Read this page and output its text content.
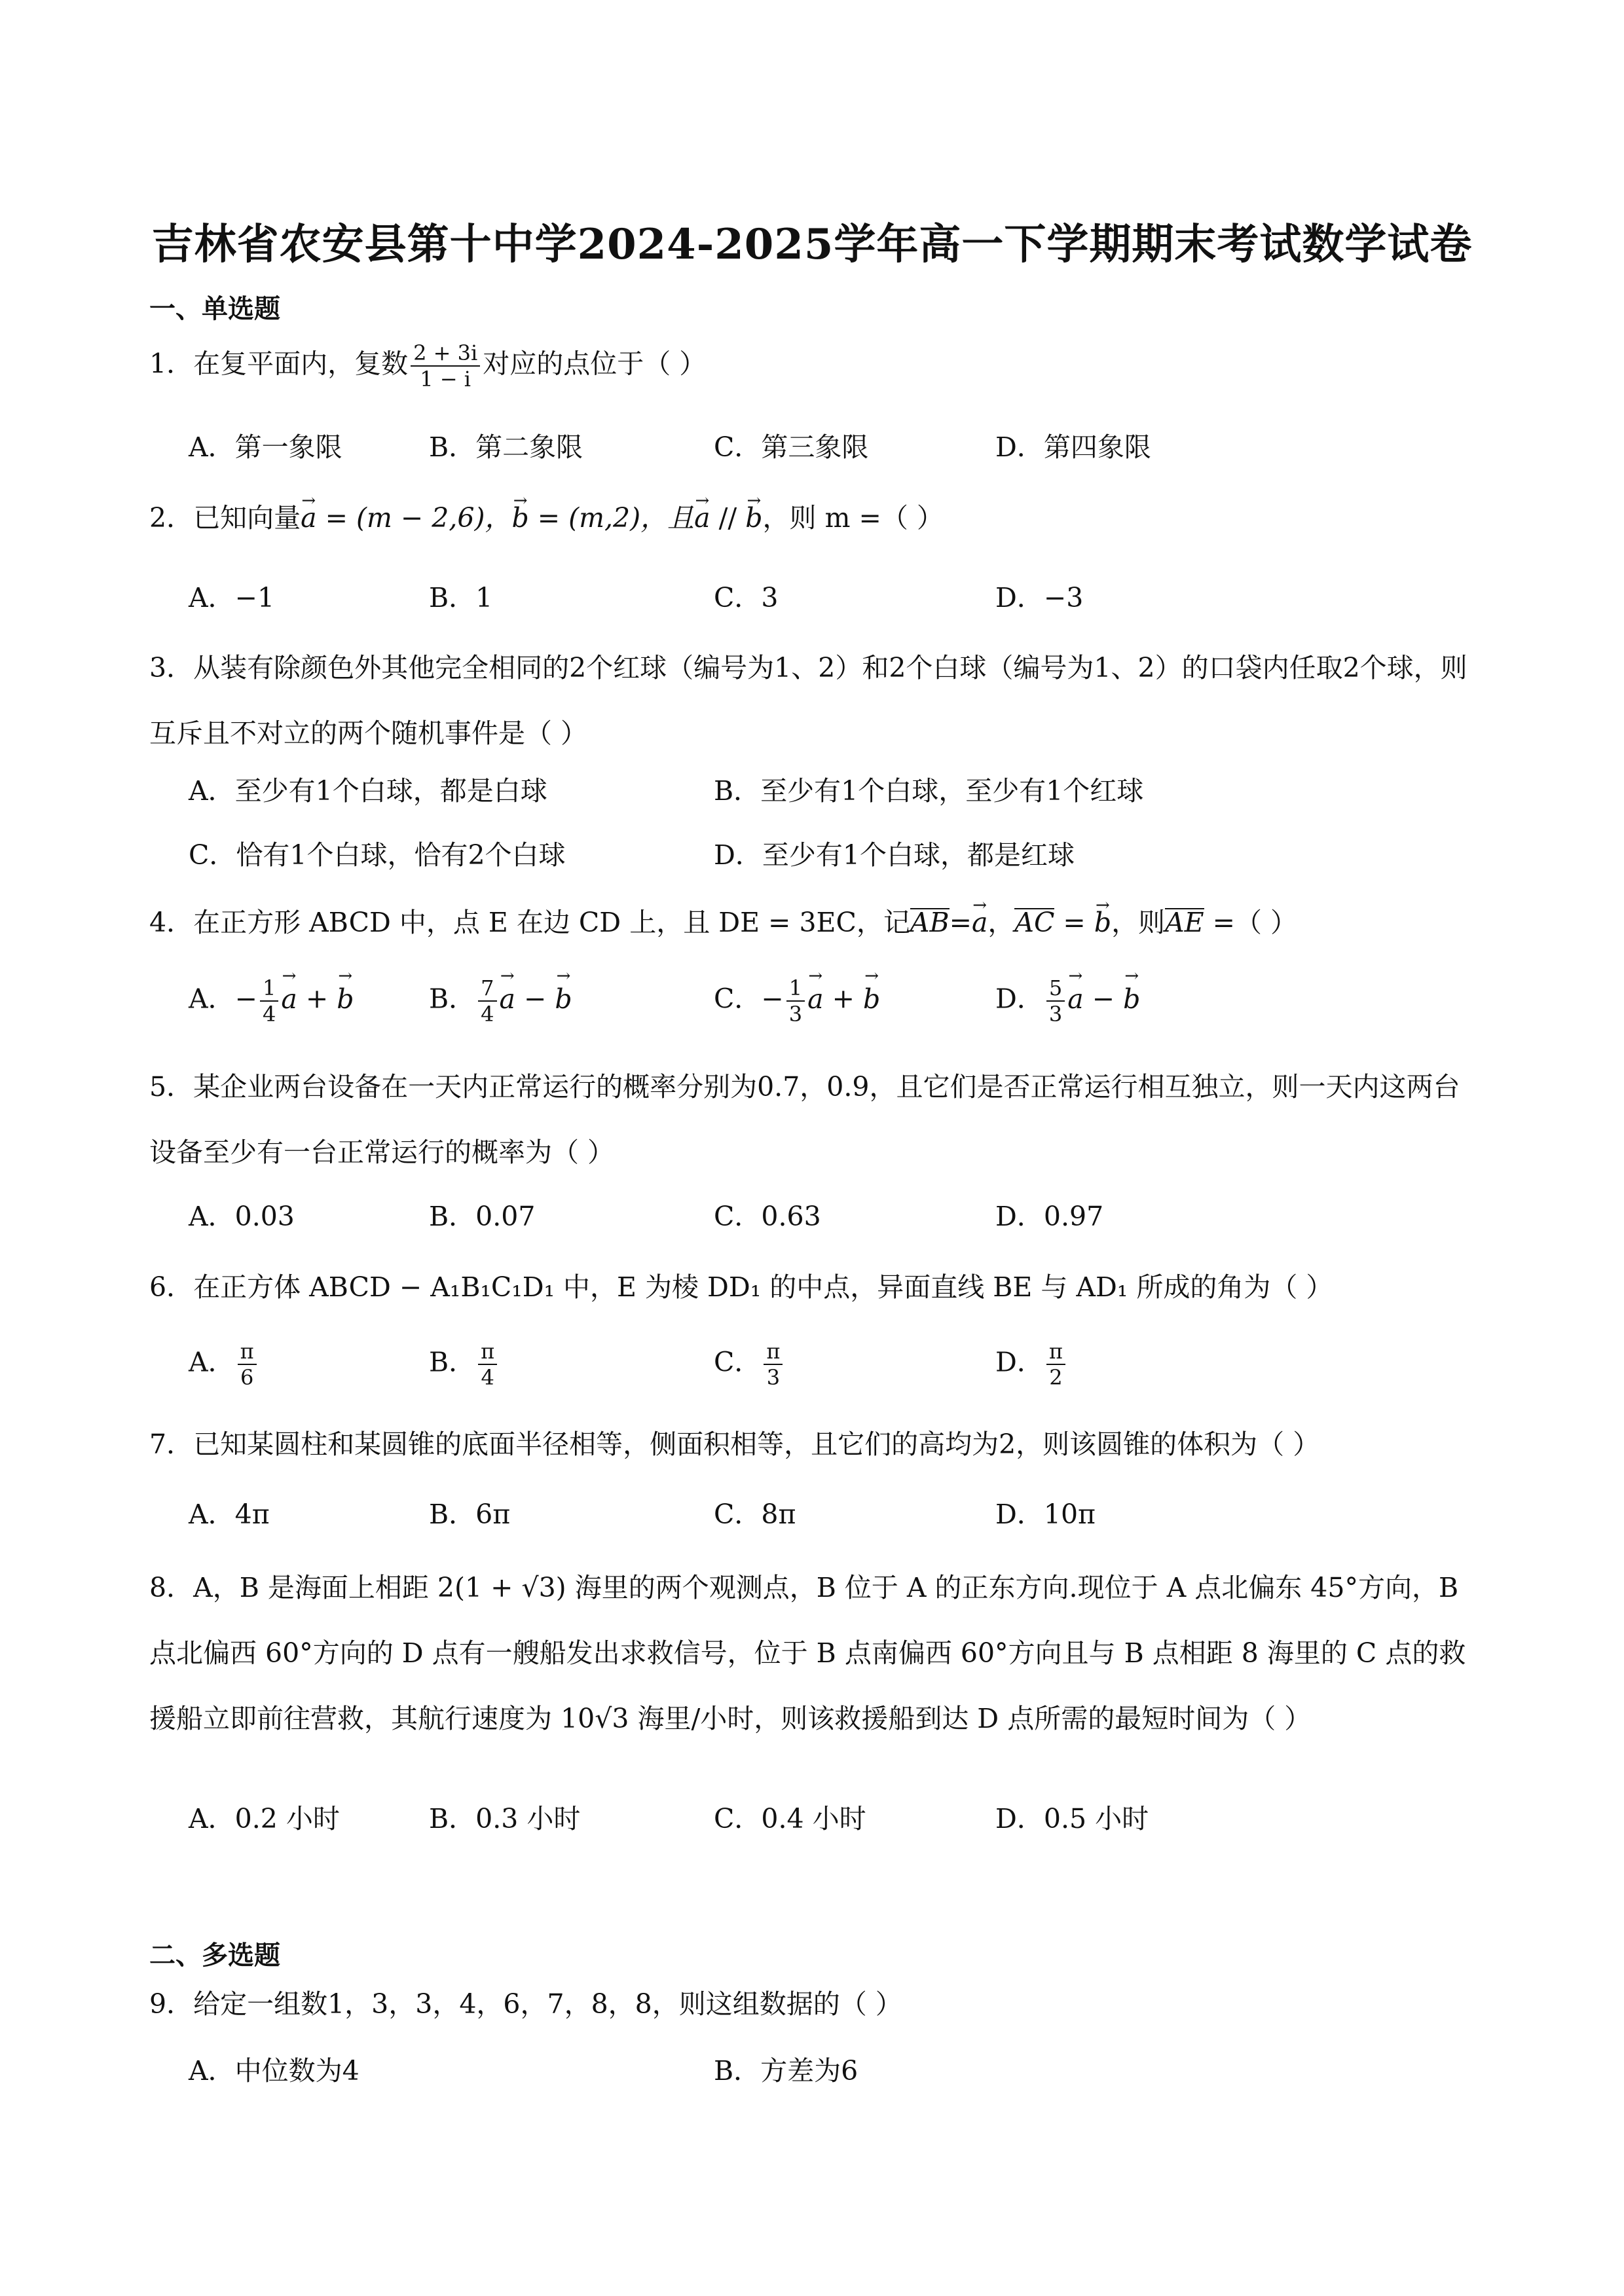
吉林省农安县第十中学2024-2025学年高一下学期期末考试数学试卷
一、单选题
1．在复平面内，复数 $\frac{2 + 3i}{1 - i}$ 对应的点位于（ ）
A．第一象限	B．第二象限	C．第三象限	D．第四象限
2．已知向量→ a = (m − 2,6)，→ b = (m,2)，且→ a // → b，则 m =（ ）
A．−1	B．1	C．3	D．−3
3．从装有除颜色外其他完全相同的2个红球（编号为1、2）和2个白球（编号为1、2）的口袋内任取2个球，则互斥且不对立的两个随机事件是（ ）
A．至少有1个白球，都是白球	B．至少有1个白球，至少有1个红球
C．恰有1个白球，恰有2个白球	D．至少有1个白球，都是红球
4．在正方形 ABCD 中，点 E 在边 CD 上，且 DE = 3EC，记AB=→ a，AC = → b，则AE =（ ）
A．− $\frac{1}{4}$
→ a + → b	B． $\frac{7}{4}$
→ a − → b	C．− $\frac{1}{3}$
→ a + → b	D． $\frac{5}{3}$
→ a − → b
5．某企业两台设备在一天内正常运行的概率分别为0.7，0.9，且它们是否正常运行相互独立，则一天内这两台设备至少有一台正常运行的概率为（ ）
A．0.03	B．0.07	C．0.63	D．0.97
6．在正方体 ABCD − A₁B₁C₁D₁ 中，E 为棱 DD₁ 的中点，异面直线 BE 与 AD₁ 所成的角为（ ）
A． $\frac{\pi}{6}$	B． $\frac{\pi}{4}$	C． $\frac{\pi}{3}$	D． $\frac{\pi}{2}$
7．已知某圆柱和某圆锥的底面半径相等，侧面积相等，且它们的高均为2，则该圆锥的体积为（ ）
A．4π	B．6π	C．8π	D．10π
8．A，B 是海面上相距 2(1 + √3) 海里的两个观测点，B 位于 A 的正东方向.现位于 A 点北偏东 45°方向，B 点北偏西 60°方向的 D 点有一艘船发出求救信号，位于 B 点南偏西 60°方向且与 B 点相距 8 海里的 C 点的救援船立即前往营救，其航行速度为 10√3 海里/小时，则该救援船到达 D 点所需的最短时间为（ ）
A．0.2 小时	B．0.3 小时	C．0.4 小时	D．0.5 小时
二、多选题
9．给定一组数1，3，3，4，6，7，8，8，则这组数据的（ ）
A．中位数为4	B．方差为6
